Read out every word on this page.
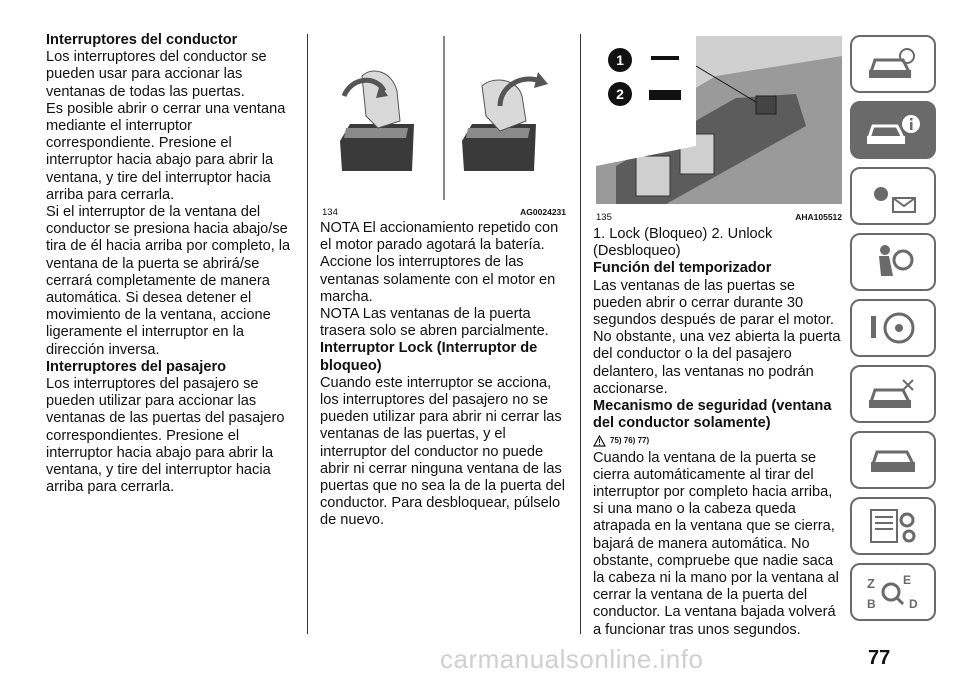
Interruptores del conductor

Los interruptores del conductor se pueden usar para accionar las ventanas de todas las puertas.

Es posible abrir o cerrar una ventana mediante el interruptor correspondiente. Presione el interruptor hacia abajo para abrir la ventana, y tire del interruptor hacia arriba para cerrarla.

Si el interruptor de la ventana del conductor se presiona hacia abajo/se tira de él hacia arriba por completo, la ventana de la puerta se abrirá/se cerrará completamente de manera automática. Si desea detener el movimiento de la ventana, accione ligeramente el interruptor en la dirección inversa.

Interruptores del pasajero

Los interruptores del pasajero se pueden utilizar para accionar las ventanas de las puertas del pasajero correspondientes. Presione el interruptor hacia abajo para abrir la ventana, y tire del interruptor hacia arriba para cerrarla.

134	AG0024231

NOTA El accionamiento repetido con el motor parado agotará la batería. Accione los interruptores de las ventanas solamente con el motor en marcha.

NOTA Las ventanas de la puerta trasera solo se abren parcialmente.

Interruptor Lock (Interruptor de bloqueo)

Cuando este interruptor se acciona, los interruptores del pasajero no se pueden utilizar para abrir ni cerrar las ventanas de las puertas, y el interruptor del conductor no puede abrir ni cerrar ninguna ventana de las puertas que no sea la de la puerta del conductor. Para desbloquear, púlselo de nuevo.

1
2
135	AHA105512

1. Lock (Bloqueo) 2. Unlock (Desbloqueo)

Función del temporizador

Las ventanas de las puertas se pueden abrir o cerrar durante 30 segundos después de parar el motor. No obstante, una vez abierta la puerta del conductor o la del pasajero delantero, las ventanas no podrán accionarse.

Mecanismo de seguridad (ventana del conductor solamente)
75) 76) 77)

Cuando la ventana de la puerta se cierra automáticamente al tirar del interruptor por completo hacia arriba, si una mano o la cabeza queda atrapada en la ventana que se cierra, bajará de manera automática. No obstante, compruebe que nadie saca la cabeza ni la mano por la ventana al cerrar la ventana de la puerta del conductor. La ventana bajada volverá a funcionar tras unos segundos.

Z E
B	D
carmanualsonline.info	77
